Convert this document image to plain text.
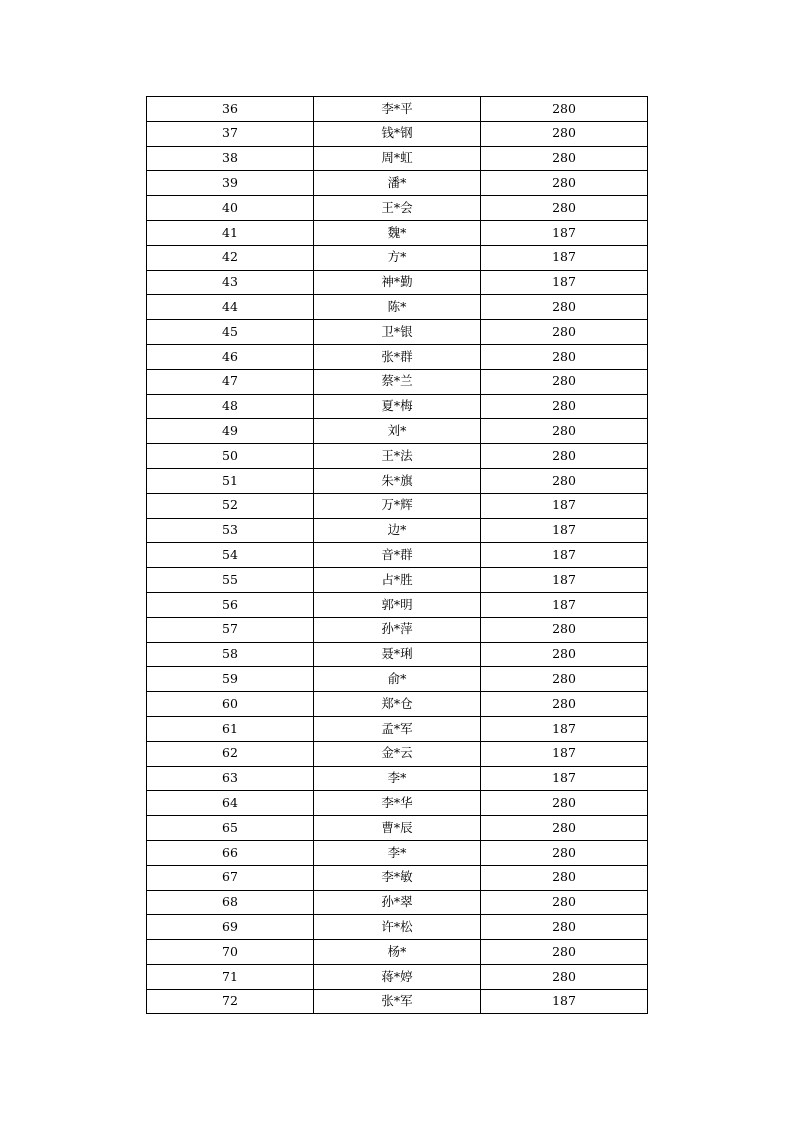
36	李*平	280
37	钱*钢	280
38	周*虹	280
39	潘*	280
40	王*会	280
41	魏*	187
42	方*	187
43	神*勤	187
44	陈*	280
45	卫*银	280
46	张*群	280
47	蔡*兰	280
48	夏*梅	280
49	刘*	280
50	王*法	280
51	朱*旗	280
52	万*辉	187
53	边*	187
54	音*群	187
55	占*胜	187
56	郭*明	187
57	孙*萍	280
58	聂*琍	280
59	俞*	280
60	郑*仓	280
61	孟*军	187
62	金*云	187
63	李*	187
64	李*华	280
65	曹*辰	280
66	李*	280
67	李*敏	280
68	孙*翠	280
69	许*松	280
70	杨*	280
71	蒋*婷	280
72	张*军	187
